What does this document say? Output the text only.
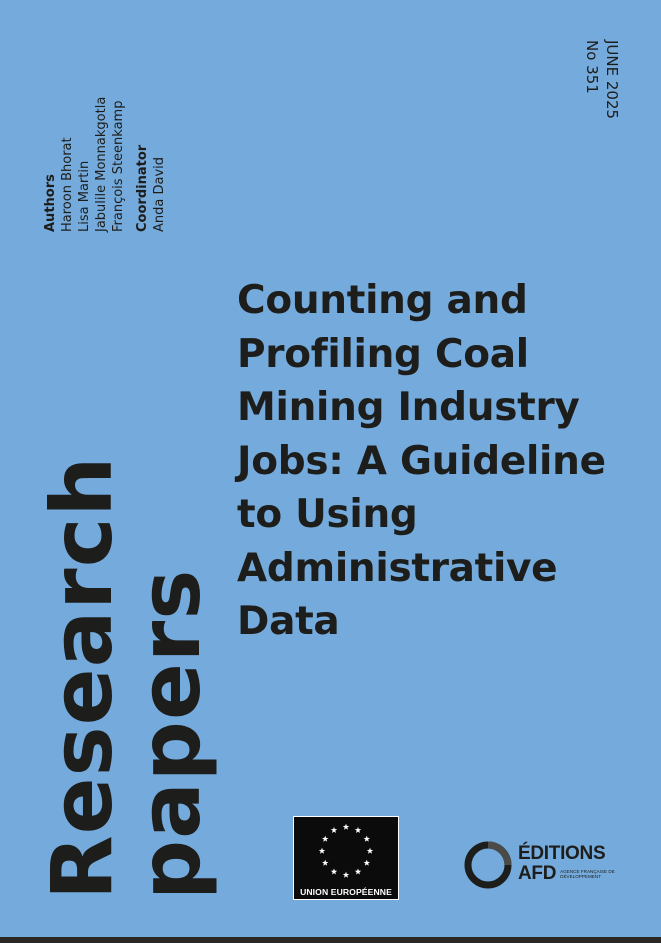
Authors Haroon Bhorat Lisa Martin Jabulile Monnakgotla François Steenkamp Coordinator Anda David
JUNE 2025
No 351
Research
papers
Counting and
Profiling Coal
Mining Industry
Jobs: A Guideline
to Using
Administrative
Data
UNION EUROPÉENNE
ÉDITIONS
AFD AGENCE FRANÇAISE DE DÉVELOPPEMENT
